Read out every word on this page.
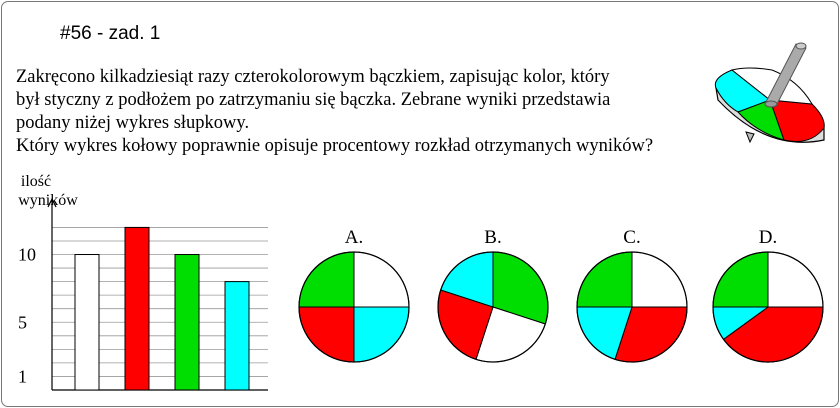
#56 - zad. 1
Zakręcono kilkadziesiąt razy czterokolorowym bączkiem, zapisując kolor, który
był styczny z podłożem po zatrzymaniu się bączka. Zebrane wyniki przedstawia
podany niżej wykres słupkowy.
Który wykres kołowy poprawnie opisuje procentowy rozkład otrzymanych wyników?
ilość
wyników
1
5
10
A.	B.	C.	D.
